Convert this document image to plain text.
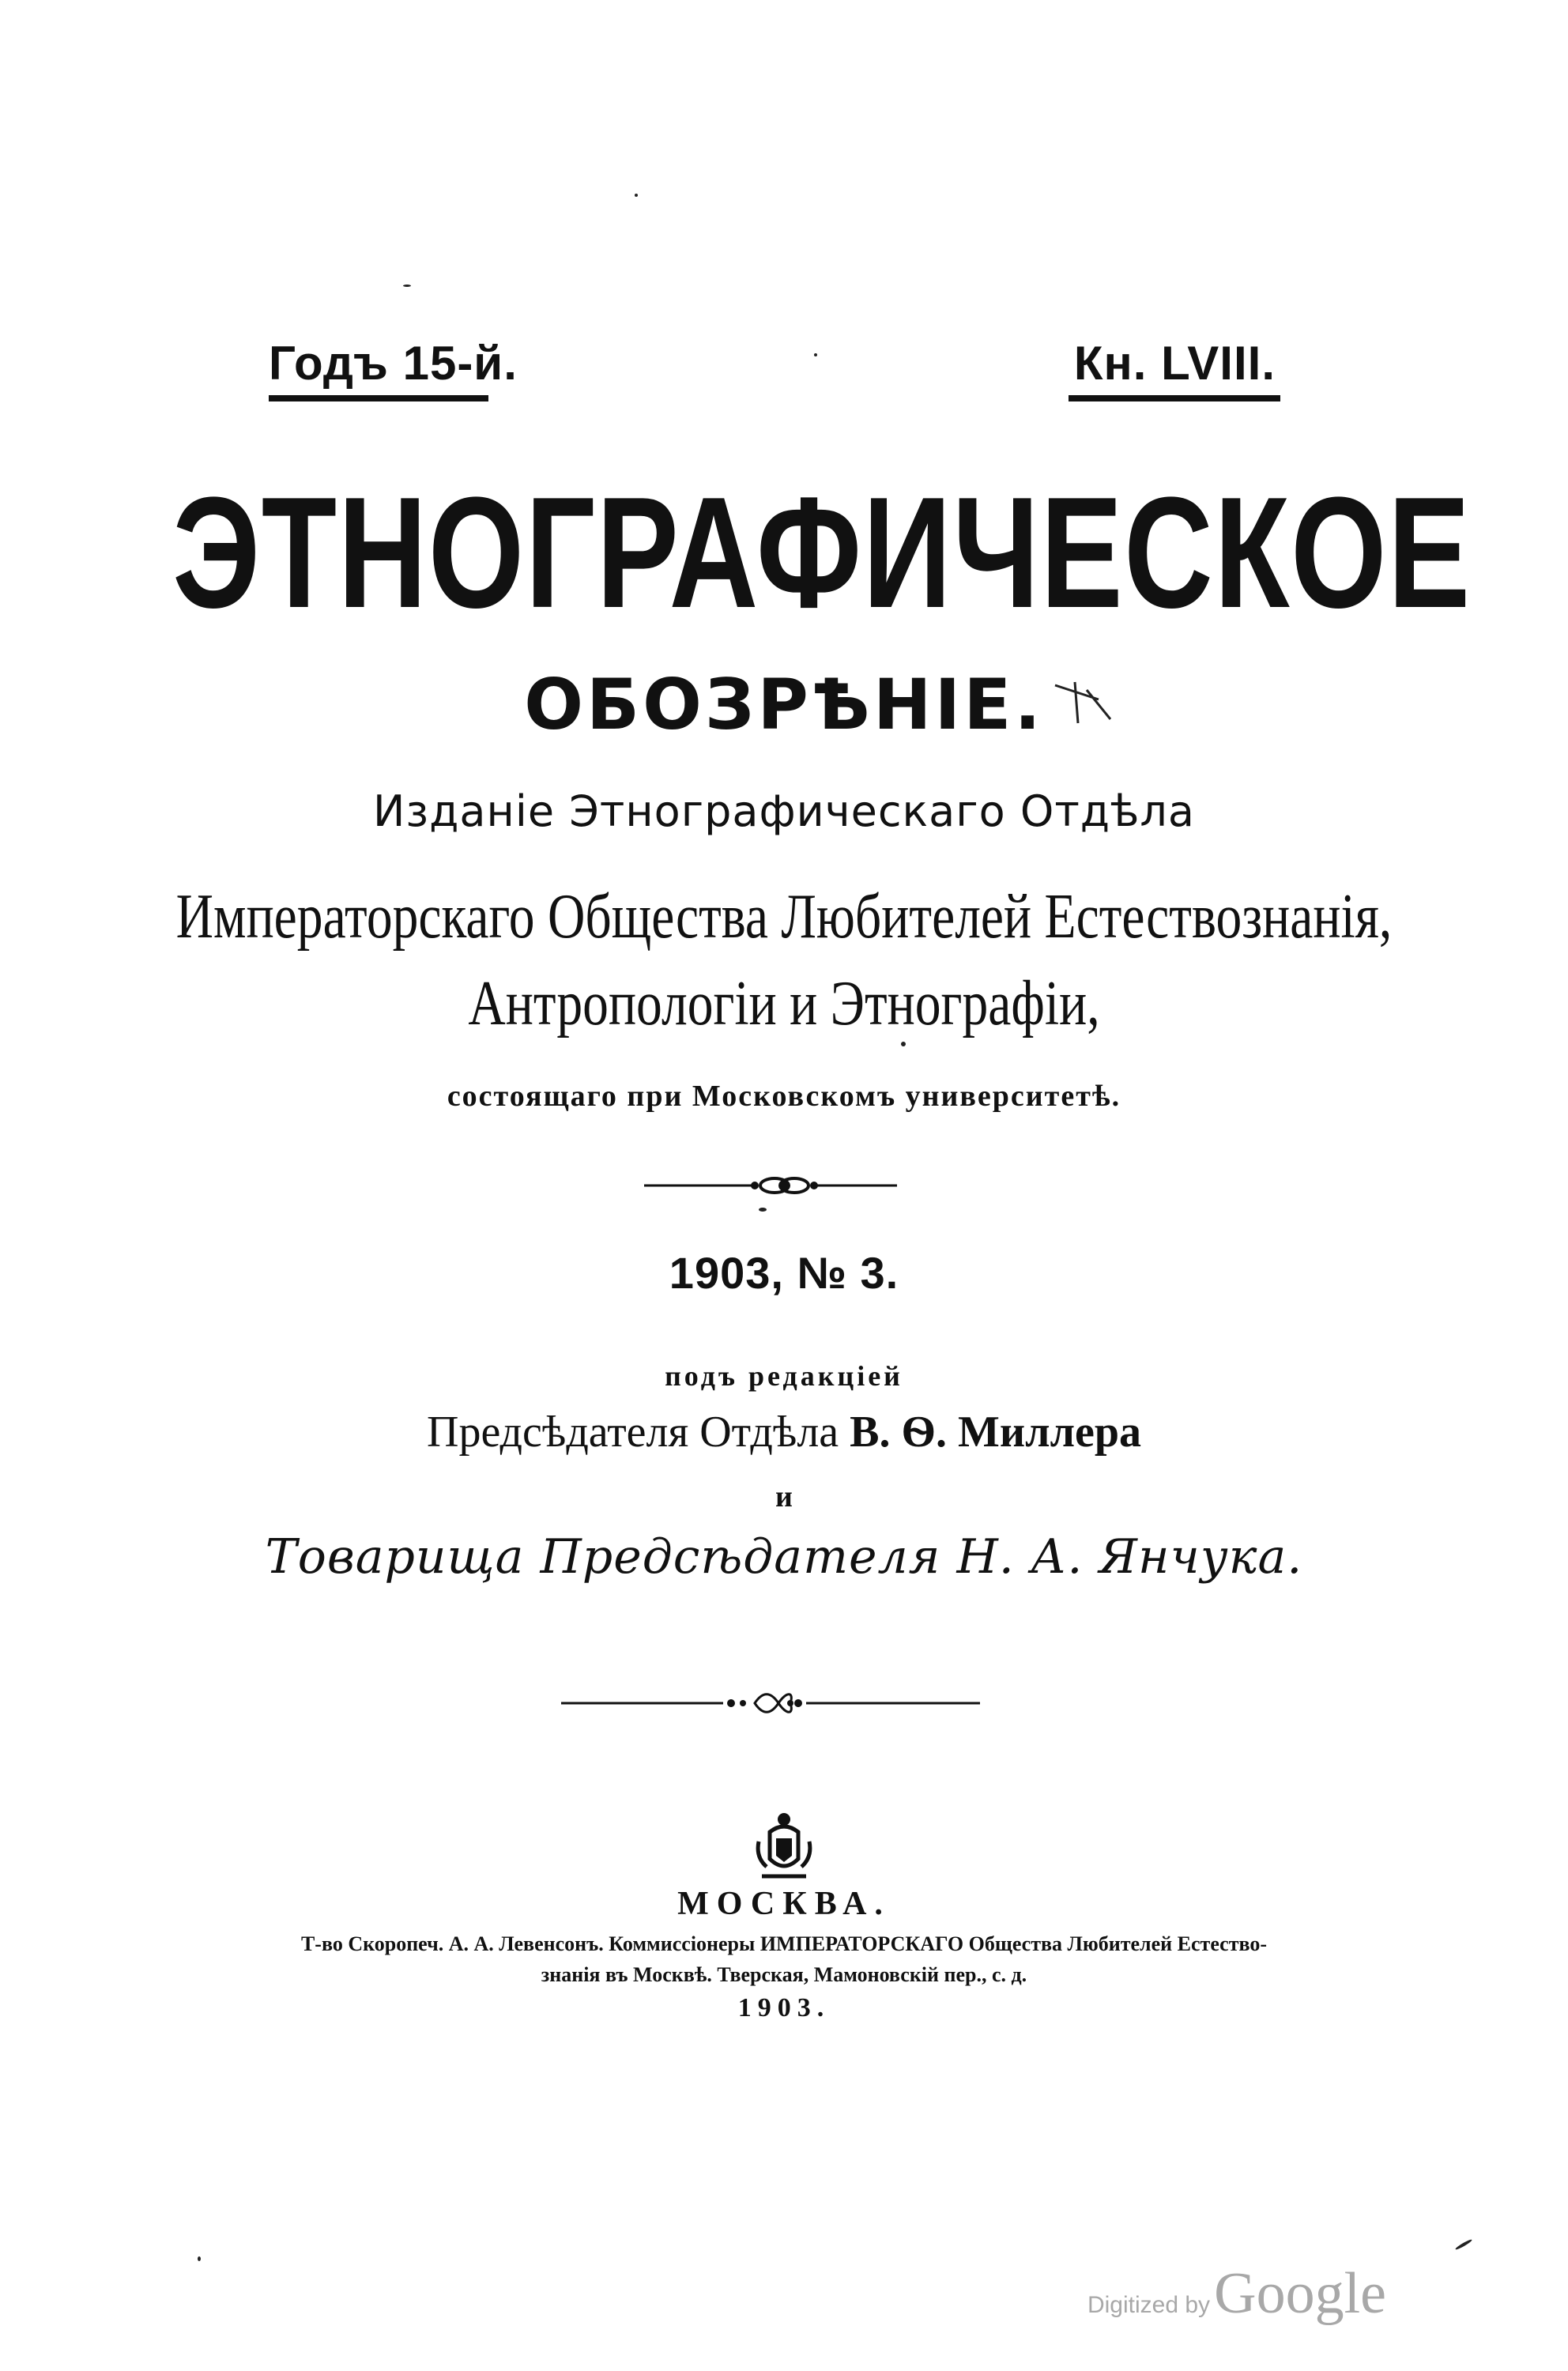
Годъ 15-й.	Кн. LVIII.
ЭТНОГРАФИЧЕСКОЕ
ОБОЗРѢНІЕ.
Изданіе Этнографическаго Отдѣла
Императорскаго Общества Любителей Естествознанія,
Антропологіи и Этнографіи,
состоящаго при Московскомъ университетѣ.
1903, № 3.
подъ редакціей
Предсѣдателя Отдѣла В. Ѳ. Миллера
и
Товарища Предсѣдателя Н. А. Янчука.
МОСКВА.
Т-во Скоропеч. А. А. Левенсонъ. Коммиссіонеры ИМПЕРАТОРСКАГО Общества Любителей Естество-
знанія въ Москвѣ. Тверская, Мамоновскій пер., с. д.
1903.
Digitized by Google
